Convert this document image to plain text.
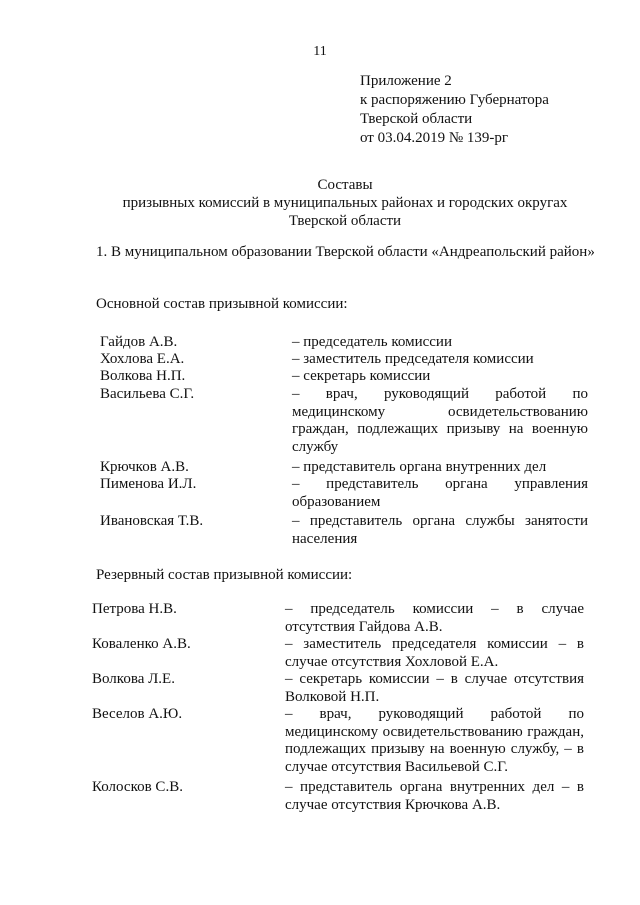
11
Приложение 2
к распоряжению Губернатора
Тверской области
от 03.04.2019 № 139-рг
Составы
призывных комиссий в муниципальных районах и городских округах
Тверской области
1. В муниципальном образовании Тверской области «Андреапольский район»
Основной состав призывной комиссии:
Гайдов А.В.	– председатель комиссии
Хохлова Е.А.	– заместитель председателя комиссии
Волкова Н.П.	– секретарь комиссии
Васильева С.Г.	– врач, руководящий работой по медицинскому освидетельствованию граждан, подлежащих призыву на военную службу
Крючков А.В.	– представитель органа внутренних дел
Пименова И.Л.	– представитель органа управления образованием
Ивановская Т.В.	– представитель органа службы занятости населения
Резервный состав призывной комиссии:
Петрова Н.В.	– председатель комиссии – в случае отсутствия Гайдова А.В.
Коваленко А.В.	– заместитель председателя комиссии – в случае отсутствия Хохловой Е.А.
Волкова Л.Е.	– секретарь комиссии – в случае отсутствия Волковой Н.П.
Веселов А.Ю.	– врач, руководящий работой по медицинскому освидетельствованию граждан, подлежащих призыву на военную службу, – в случае отсутствия Васильевой С.Г.
Колосков С.В.	– представитель органа внутренних дел – в случае отсутствия Крючкова А.В.
